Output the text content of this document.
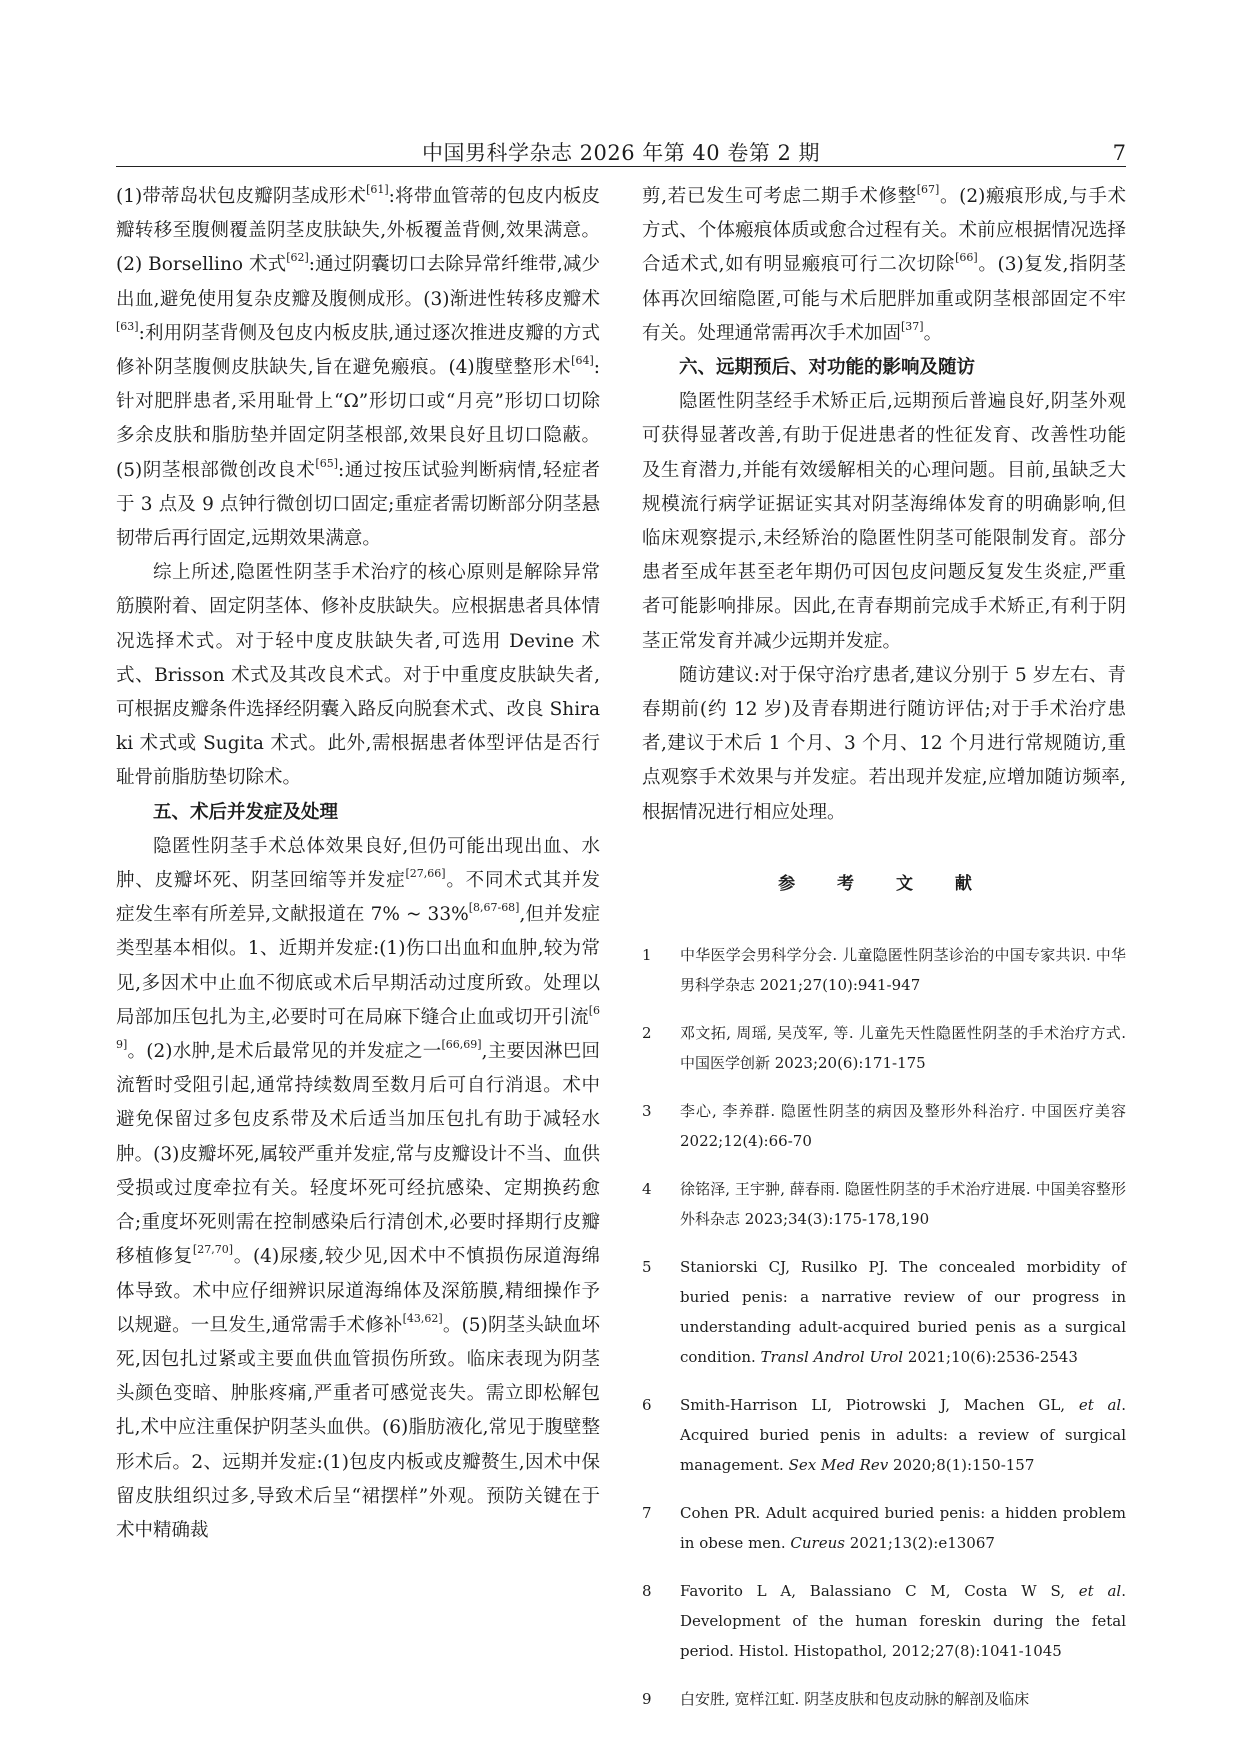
中国男科学杂志 2026 年第 40 卷第 2 期	7

(1)带蒂岛状包皮瓣阴茎成形术[61]:将带血管蒂的包皮内板皮瓣转移至腹侧覆盖阴茎皮肤缺失,外板覆盖背侧,效果满意。(2) Borsellino 术式[62]:通过阴囊切口去除异常纤维带,减少出血,避免使用复杂皮瓣及腹侧成形。(3)渐进性转移皮瓣术[63]:利用阴茎背侧及包皮内板皮肤,通过逐次推进皮瓣的方式修补阴茎腹侧皮肤缺失,旨在避免瘢痕。(4)腹壁整形术[64]:针对肥胖患者,采用耻骨上“Ω”形切口或“月亮”形切口切除多余皮肤和脂肪垫并固定阴茎根部,效果良好且切口隐蔽。(5)阴茎根部微创改良术[65]:通过按压试验判断病情,轻症者于 3 点及 9 点钟行微创切口固定;重症者需切断部分阴茎悬韧带后再行固定,远期效果满意。

综上所述,隐匿性阴茎手术治疗的核心原则是解除异常筋膜附着、固定阴茎体、修补皮肤缺失。应根据患者具体情况选择术式。对于轻中度皮肤缺失者,可选用 Devine 术式、Brisson 术式及其改良术式。对于中重度皮肤缺失者,可根据皮瓣条件选择经阴囊入路反向脱套术式、改良 Shiraki 术式或 Sugita 术式。此外,需根据患者体型评估是否行耻骨前脂肪垫切除术。

五、术后并发症及处理

隐匿性阴茎手术总体效果良好,但仍可能出现出血、水肿、皮瓣坏死、阴茎回缩等并发症[27,66]。不同术式其并发症发生率有所差异,文献报道在 7% ~ 33%[8,67-68],但并发症类型基本相似。1、近期并发症:(1)伤口出血和血肿,较为常见,多因术中止血不彻底或术后早期活动过度所致。处理以局部加压包扎为主,必要时可在局麻下缝合止血或切开引流[69]。(2)水肿,是术后最常见的并发症之一[66,69],主要因淋巴回流暂时受阻引起,通常持续数周至数月后可自行消退。术中避免保留过多包皮系带及术后适当加压包扎有助于减轻水肿。(3)皮瓣坏死,属较严重并发症,常与皮瓣设计不当、血供受损或过度牵拉有关。轻度坏死可经抗感染、定期换药愈合;重度坏死则需在控制感染后行清创术,必要时择期行皮瓣移植修复[27,70]。(4)尿瘘,较少见,因术中不慎损伤尿道海绵体导致。术中应仔细辨识尿道海绵体及深筋膜,精细操作予以规避。一旦发生,通常需手术修补[43,62]。(5)阴茎头缺血坏死,因包扎过紧或主要血供血管损伤所致。临床表现为阴茎头颜色变暗、肿胀疼痛,严重者可感觉丧失。需立即松解包扎,术中应注重保护阴茎头血供。(6)脂肪液化,常见于腹壁整形术后。2、远期并发症:(1)包皮内板或皮瓣赘生,因术中保留皮肤组织过多,导致术后呈“裙摆样”外观。预防关键在于术中精确裁

剪,若已发生可考虑二期手术修整[67]。(2)瘢痕形成,与手术方式、个体瘢痕体质或愈合过程有关。术前应根据情况选择合适术式,如有明显瘢痕可行二次切除[66]。(3)复发,指阴茎体再次回缩隐匿,可能与术后肥胖加重或阴茎根部固定不牢有关。处理通常需再次手术加固[37]。

六、远期预后、对功能的影响及随访

隐匿性阴茎经手术矫正后,远期预后普遍良好,阴茎外观可获得显著改善,有助于促进患者的性征发育、改善性功能及生育潜力,并能有效缓解相关的心理问题。目前,虽缺乏大规模流行病学证据证实其对阴茎海绵体发育的明确影响,但临床观察提示,未经矫治的隐匿性阴茎可能限制发育。部分患者至成年甚至老年期仍可因包皮问题反复发生炎症,严重者可能影响排尿。因此,在青春期前完成手术矫正,有利于阴茎正常发育并减少远期并发症。

随访建议:对于保守治疗患者,建议分别于 5 岁左右、青春期前(约 12 岁)及青春期进行随访评估;对于手术治疗患者,建议于术后 1 个月、3 个月、12 个月进行常规随访,重点观察手术效果与并发症。若出现并发症,应增加随访频率,根据情况进行相应处理。

参 考 文 献
1	中华医学会男科学分会. 儿童隐匿性阴茎诊治的中国专家共识. 中华男科学杂志 2021;27(10):941-947
2	邓文拓, 周瑶, 吴茂军, 等. 儿童先天性隐匿性阴茎的手术治疗方式. 中国医学创新 2023;20(6):171-175
3	李心, 李养群. 隐匿性阴茎的病因及整形外科治疗. 中国医疗美容 2022;12(4):66-70
4	徐铭泽, 王宇翀, 薛春雨. 隐匿性阴茎的手术治疗进展. 中国美容整形外科杂志 2023;34(3):175-178,190
5	Staniorski CJ, Rusilko PJ. The concealed morbidity of buried penis: a narrative review of our progress in understanding adult-acquired buried penis as a surgical condition. Transl Androl Urol 2021;10(6):2536-2543
6	Smith-Harrison LI, Piotrowski J, Machen GL, et al. Acquired buried penis in adults: a review of surgical management. Sex Med Rev 2020;8(1):150-157
7	Cohen PR. Adult acquired buried penis: a hidden problem in obese men. Cureus 2021;13(2):e13067
8	Favorito L A, Balassiano C M, Costa W S, et al. Development of the human foreskin during the fetal period. Histol. Histopathol, 2012;27(8):1041-1045
9	白安胜, 宽样江虹. 阴茎皮肤和包皮动脉的解剖及临床
